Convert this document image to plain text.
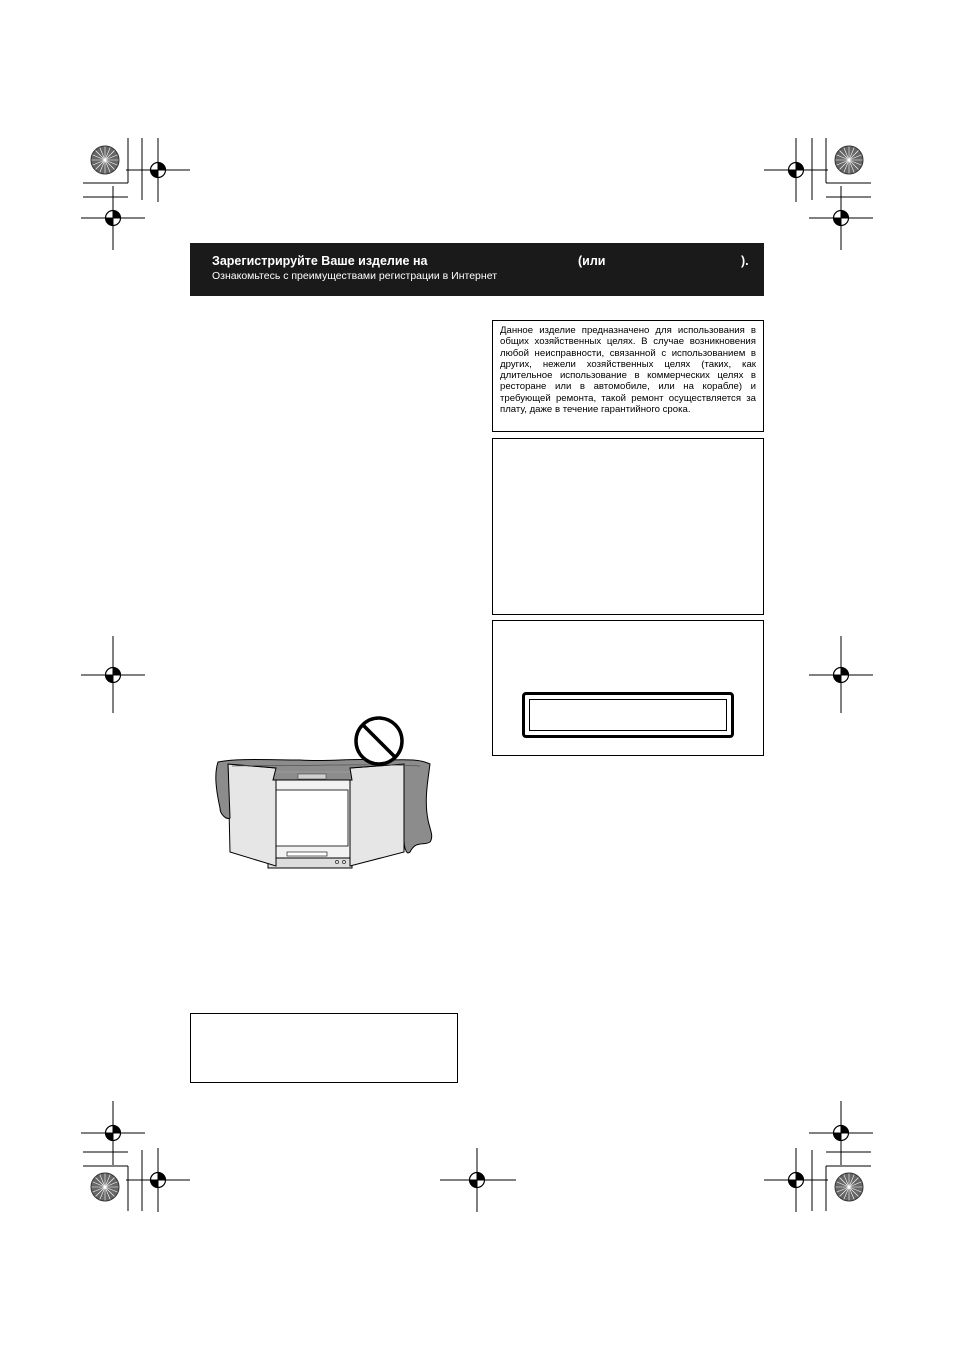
Зарегистрируйте Ваше изделие на	(или	).
Ознакомьтесь с преимуществами регистрации в Интернет

Данное изделие предназначено для использования в общих хозяйственных целях. В случае возникновения любой неисправности, связанной с использованием в других, нежели хозяйственных целях (таких, как длительное использование в коммерческих целях в ресторане или в автомобиле, или на корабле) и требующей ремонта, такой ремонт осуществляется за плату, даже в течение гарантийного срока.
